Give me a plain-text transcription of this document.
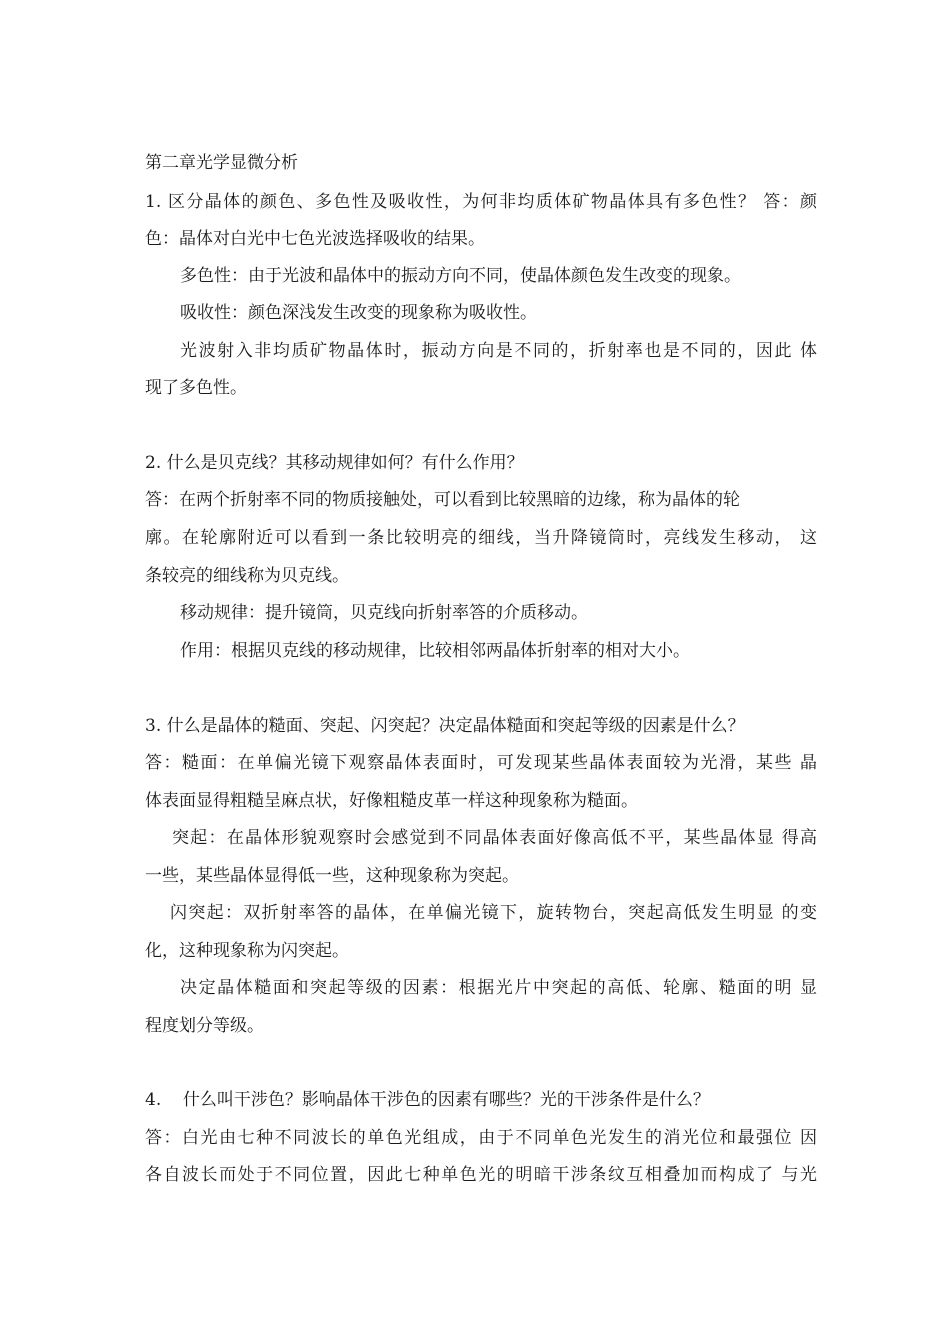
第二章光学显微分析
1. 区分晶体的颜色、多色性及吸收性，为何非均质体矿物晶体具有多色性？ 答：颜
色：晶体对白光中七色光波选择吸收的结果。
多色性：由于光波和晶体中的振动方向不同，使晶体颜色发生改变的现象。
吸收性：颜色深浅发生改变的现象称为吸收性。
光波射入非均质矿物晶体时，振动方向是不同的，折射率也是不同的，因此 体
现了多色性。
2. 什么是贝克线？其移动规律如何？有什么作用？
答：在两个折射率不同的物质接触处，可以看到比较黑暗的边缘，称为晶体的轮
廓。在轮廓附近可以看到一条比较明亮的细线，当升降镜筒时，亮线发生移动， 这
条较亮的细线称为贝克线。
移动规律：提升镜筒，贝克线向折射率答的介质移动。
作用：根据贝克线的移动规律，比较相邻两晶体折射率的相对大小。
3. 什么是晶体的糙面、突起、闪突起？决定晶体糙面和突起等级的因素是什么？
答：糙面：在单偏光镜下观察晶体表面时，可发现某些晶体表面较为光滑，某些 晶
体表面显得粗糙呈麻点状，好像粗糙皮革一样这种现象称为糙面。
突起：在晶体形貌观察时会感觉到不同晶体表面好像高低不平，某些晶体显 得高
一些，某些晶体显得低一些，这种现象称为突起。
闪突起：双折射率答的晶体，在单偏光镜下，旋转物台，突起高低发生明显 的变
化，这种现象称为闪突起。
决定晶体糙面和突起等级的因素：根据光片中突起的高低、轮廓、糙面的明 显
程度划分等级。
4.    什么叫干涉色？影响晶体干涉色的因素有哪些？光的干涉条件是什么？
答：白光由七种不同波长的单色光组成，由于不同单色光发生的消光位和最强位 因
各自波长而处于不同位置，因此七种单色光的明暗干涉条纹互相叠加而构成了 与光
